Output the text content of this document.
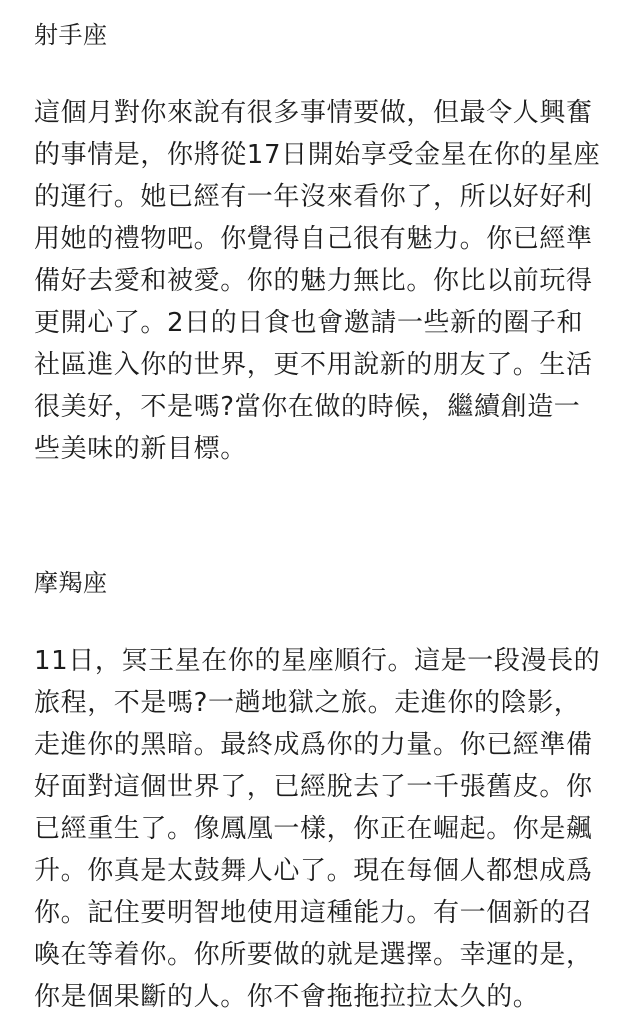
射手座
這個月對你來說有很多事情要做，但最令人興奮
的事情是，你將從17日開始享受金星在你的星座
的運行。她已經有一年沒來看你了，所以好好利
用她的禮物吧。你覺得自己很有魅力。你已經準
備好去愛和被愛。你的魅力無比。你比以前玩得
更開心了。2日的日食也會邀請一些新的圈子和
社區進入你的世界，更不用說新的朋友了。生活
很美好，不是嗎?當你在做的時候，繼續創造一
些美味的新目標。
摩羯座
11日，冥王星在你的星座順行。這是一段漫長的
旅程，不是嗎?一趟地獄之旅。走進你的陰影，
走進你的黑暗。最終成爲你的力量。你已經準備
好面對這個世界了，已經脫去了一千張舊皮。你
已經重生了。像鳳凰一樣，你正在崛起。你是飆
升。你真是太鼓舞人心了。現在每個人都想成爲
你。記住要明智地使用這種能力。有一個新的召
喚在等着你。你所要做的就是選擇。幸運的是，
你是個果斷的人。你不會拖拖拉拉太久的。
